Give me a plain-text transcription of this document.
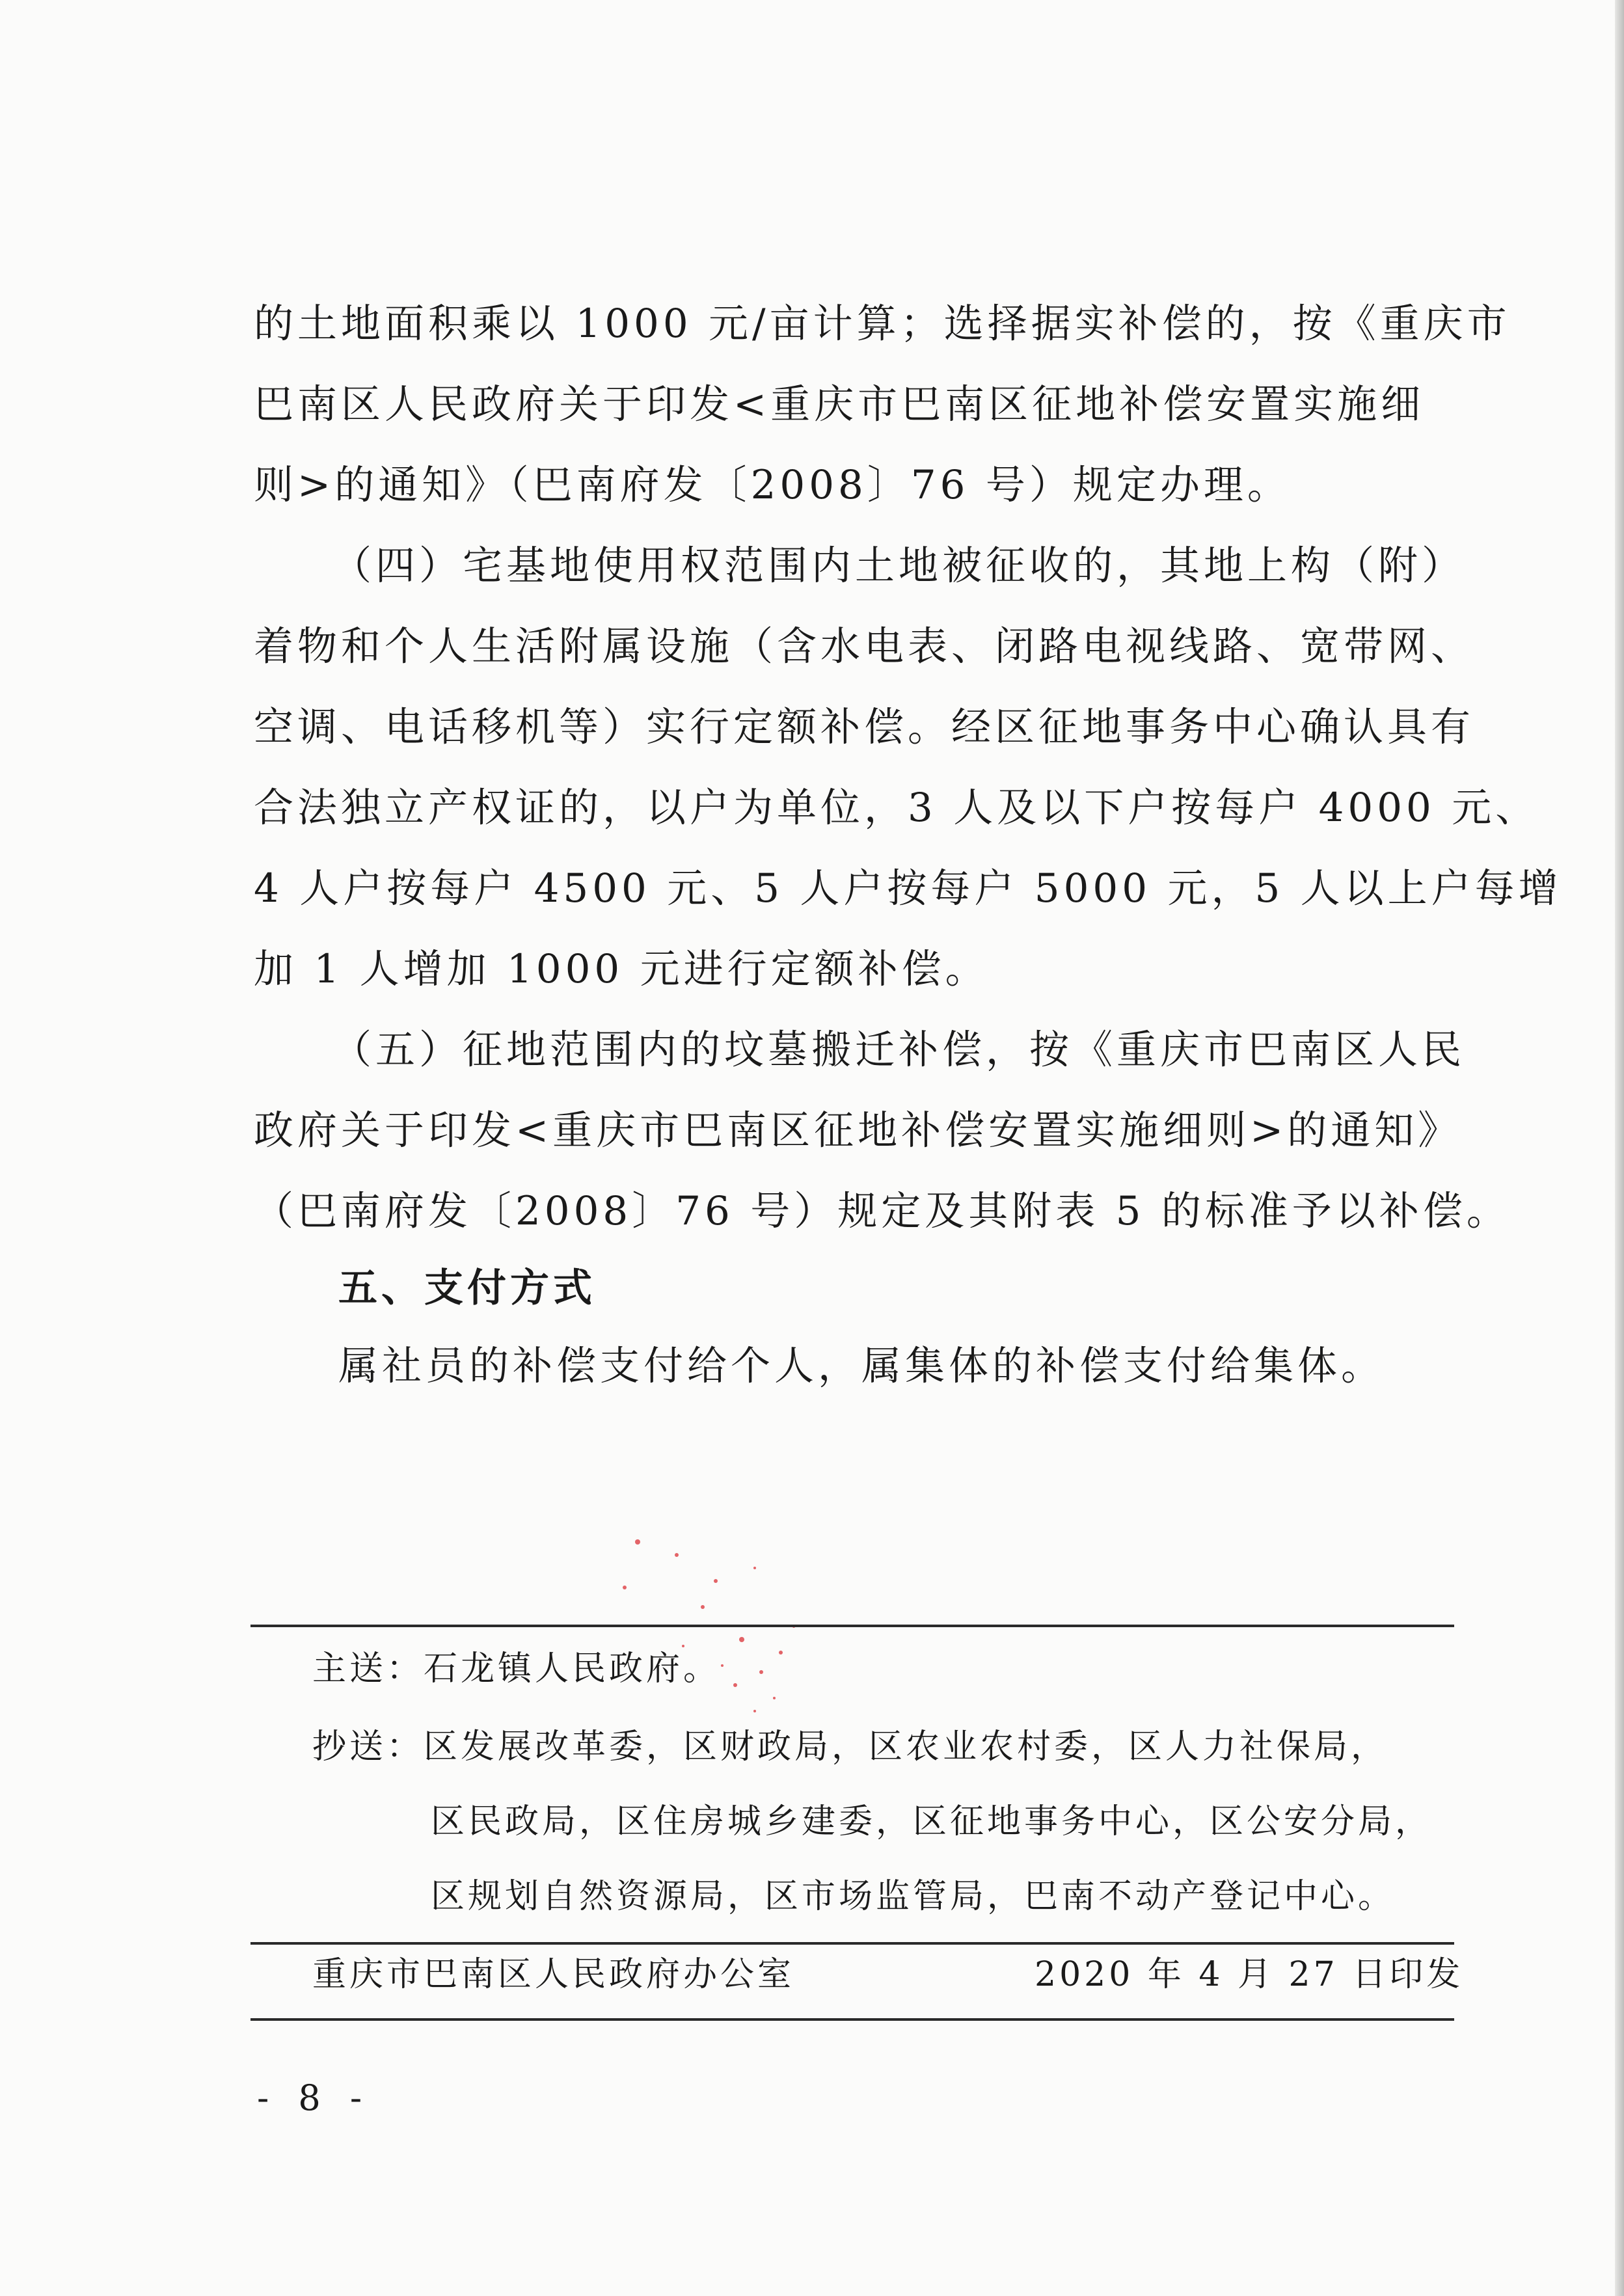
的土地面积乘以 1000 元/亩计算；选择据实补偿的，按《重庆市
巴南区人民政府关于印发<重庆市巴南区征地补偿安置实施细
则>的通知》（巴南府发〔2008〕76 号）规定办理。
（四）宅基地使用权范围内土地被征收的，其地上构（附）
着物和个人生活附属设施（含水电表、闭路电视线路、宽带网、
空调、电话移机等）实行定额补偿。经区征地事务中心确认具有
合法独立产权证的，以户为单位，3 人及以下户按每户 4000 元、
4 人户按每户 4500 元、5 人户按每户 5000 元，5 人以上户每增
加 1 人增加 1000 元进行定额补偿。
（五）征地范围内的坟墓搬迁补偿，按《重庆市巴南区人民
政府关于印发<重庆市巴南区征地补偿安置实施细则>的通知》
（巴南府发〔2008〕76 号）规定及其附表 5 的标准予以补偿。
五、支付方式
属社员的补偿支付给个人，属集体的补偿支付给集体。
主送：石龙镇人民政府。
抄送：区发展改革委，区财政局，区农业农村委，区人力社保局，
区民政局，区住房城乡建委，区征地事务中心，区公安分局，
区规划自然资源局，区市场监管局，巴南不动产登记中心。
重庆市巴南区人民政府办公室	2020 年 4 月 27 日印发
- 8 -
